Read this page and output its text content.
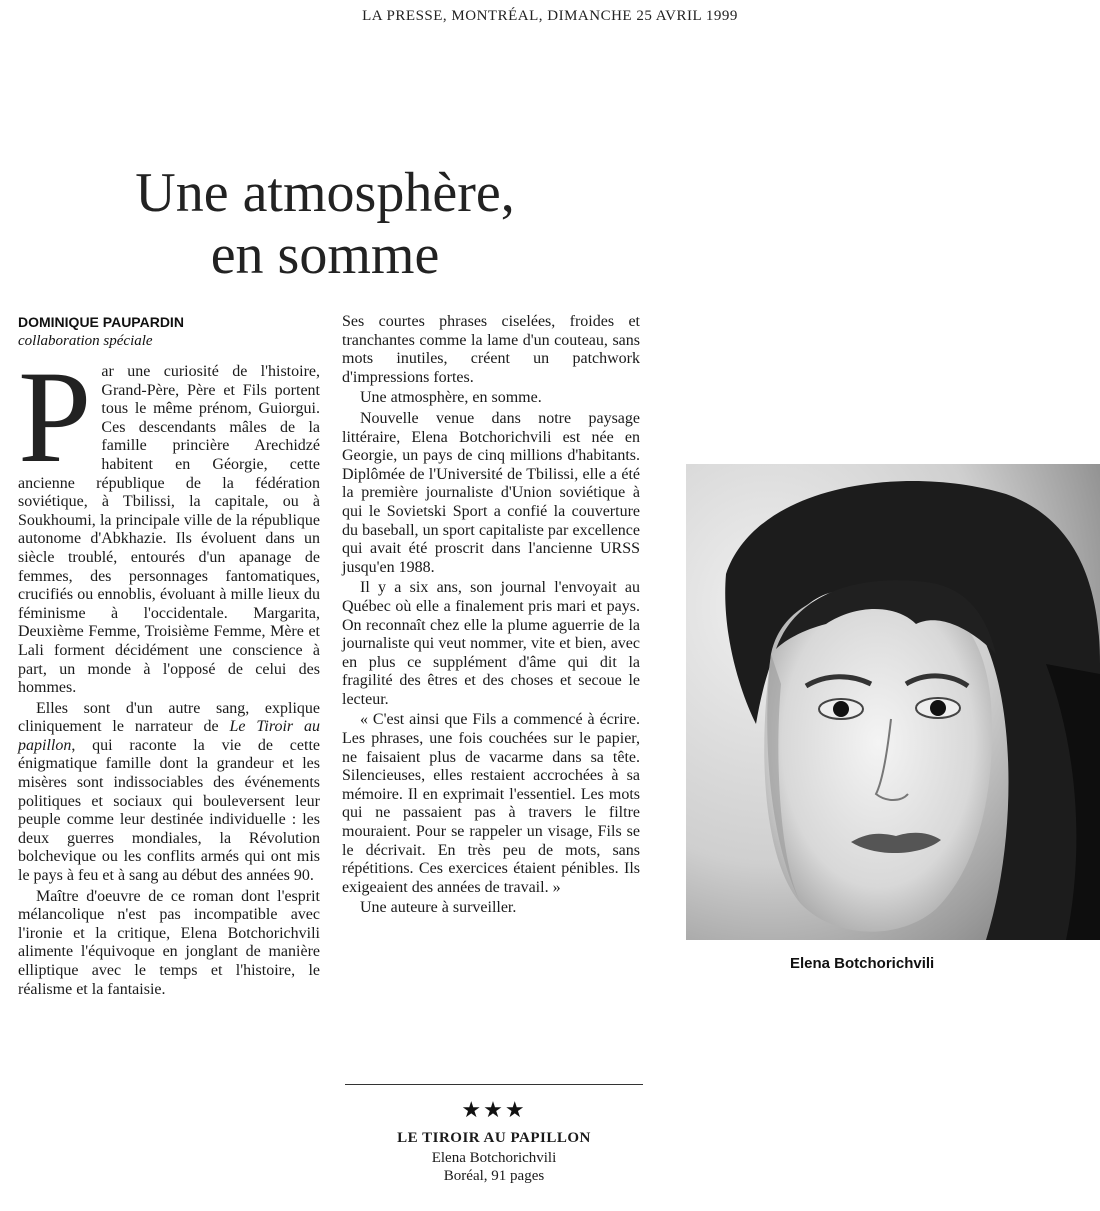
LA PRESSE, MONTRÉAL, DIMANCHE 25 AVRIL 1999
Une atmosphère,
en somme
DOMINIQUE PAUPARDIN
collaboration spéciale

Par une curiosité de l'histoire, Grand-Père, Père et Fils portent tous le même prénom, Guiorgui. Ces descendants mâles de la famille princière Arechidzé habitent en Géorgie, cette ancienne république de la fédération soviétique, à Tbilissi, la capitale, ou à Soukhoumi, la principale ville de la république autonome d'Abkhazie. Ils évoluent dans un siècle troublé, entourés d'un apanage de femmes, des personnages fantomatiques, crucifiés ou ennoblis, évoluant à mille lieux du féminisme à l'occidentale. Margarita, Deuxième Femme, Troisième Femme, Mère et Lali forment décidément une conscience à part, un monde à l'opposé de celui des hommes.

Elles sont d'un autre sang, explique cliniquement le narrateur de Le Tiroir au papillon, qui raconte la vie de cette énigmatique famille dont la grandeur et les misères sont indissociables des événements politiques et sociaux qui bouleversent leur peuple comme leur destinée individuelle : les deux guerres mondiales, la Révolution bolchevique ou les conflits armés qui ont mis le pays à feu et à sang au début des années 90.

Maître d'oeuvre de ce roman dont l'esprit mélancolique n'est pas incompatible avec l'ironie et la critique, Elena Botchorichvili alimente l'équivoque en jonglant de manière elliptique avec le temps et l'histoire, le réalisme et la fantaisie.

Ses courtes phrases ciselées, froides et tranchantes comme la lame d'un couteau, sans mots inutiles, créent un patchwork d'impressions fortes.

Une atmosphère, en somme.

Nouvelle venue dans notre paysage littéraire, Elena Botchorichvili est née en Georgie, un pays de cinq millions d'habitants. Diplômée de l'Université de Tbilissi, elle a été la première journaliste d'Union soviétique à qui le Sovietski Sport a confié la couverture du baseball, un sport capitaliste par excellence qui avait été proscrit dans l'ancienne URSS jusqu'en 1988.

Il y a six ans, son journal l'envoyait au Québec où elle a finalement pris mari et pays. On reconnaît chez elle la plume aguerrie de la journaliste qui veut nommer, vite et bien, avec en plus ce supplément d'âme qui dit la fragilité des êtres et des choses et secoue le lecteur.

« C'est ainsi que Fils a commencé à écrire. Les phrases, une fois couchées sur le papier, ne faisaient plus de vacarme dans sa tête. Silencieuses, elles restaient accrochées à sa mémoire. Il en exprimait l'essentiel. Les mots qui ne passaient pas à travers le filtre mouraient. Pour se rappeler un visage, Fils se le décrivait. En très peu de mots, sans répétitions. Ces exercices étaient pénibles. Ils exigeaient des années de travail. »

Une auteure à surveiller.

★★★
LE TIROIR AU PAPILLON
Elena Botchorichvili
Boréal, 91 pages
Elena Botchorichvili
